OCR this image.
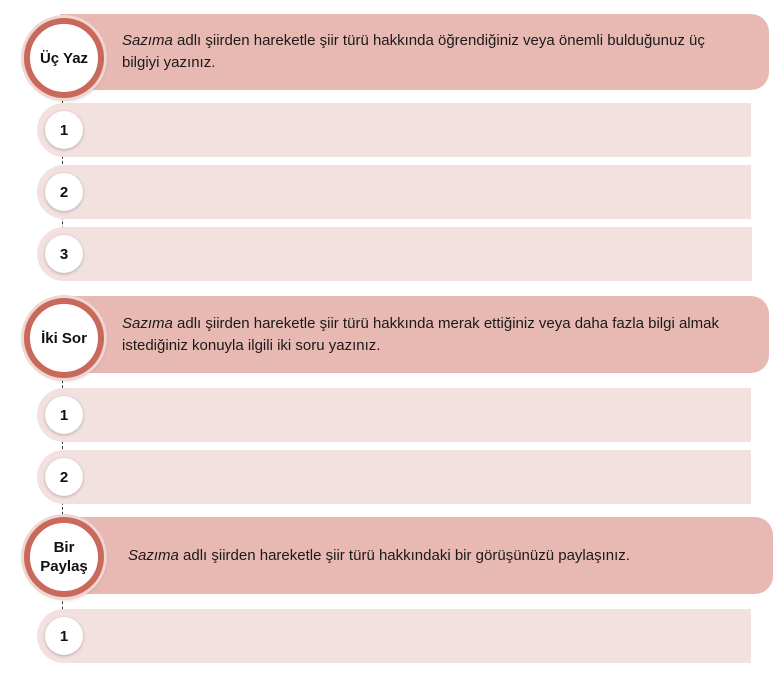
Sazıma adlı şiirden hareketle şiir türü hakkında öğrendiğiniz veya önemli bulduğunuz üç bilgiyi yazınız.
Üç Yaz
1
2
3
Sazıma adlı şiirden hareketle şiir türü hakkında merak ettiğiniz veya daha fazla bilgi almak istediğiniz konuyla ilgili iki soru yazınız.
İki Sor
1
2
Sazıma adlı şiirden hareketle şiir türü hakkındaki bir görüşünüzü paylaşınız.
Bir
Paylaş
1
